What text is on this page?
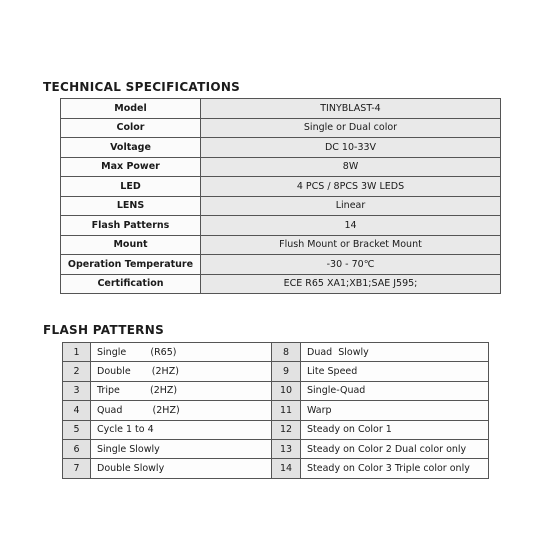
TECHNICAL SPECIFICATIONS
Model	TINYBLAST-4
Color	Single or Dual color
Voltage	DC 10-33V
Max Power	8W
LED	4 PCS / 8PCS 3W LEDS
LENS	Linear
Flash Patterns	14
Mount	Flush Mount or Bracket Mount
Operation Temperature	-30 - 70℃
Certification	ECE R65 XA1;XB1;SAE J595;
FLASH PATTERNS
1	Single        (R65)	8	Duad  Slowly
2	Double       (2HZ)	9	Lite Speed
3	Tripe          (2HZ)	10	Single-Quad
4	Quad          (2HZ)	11	Warp
5	Cycle 1 to 4	12	Steady on Color 1
6	Single Slowly	13	Steady on Color 2 Dual color only
7	Double Slowly	14	Steady on Color 3 Triple color only
